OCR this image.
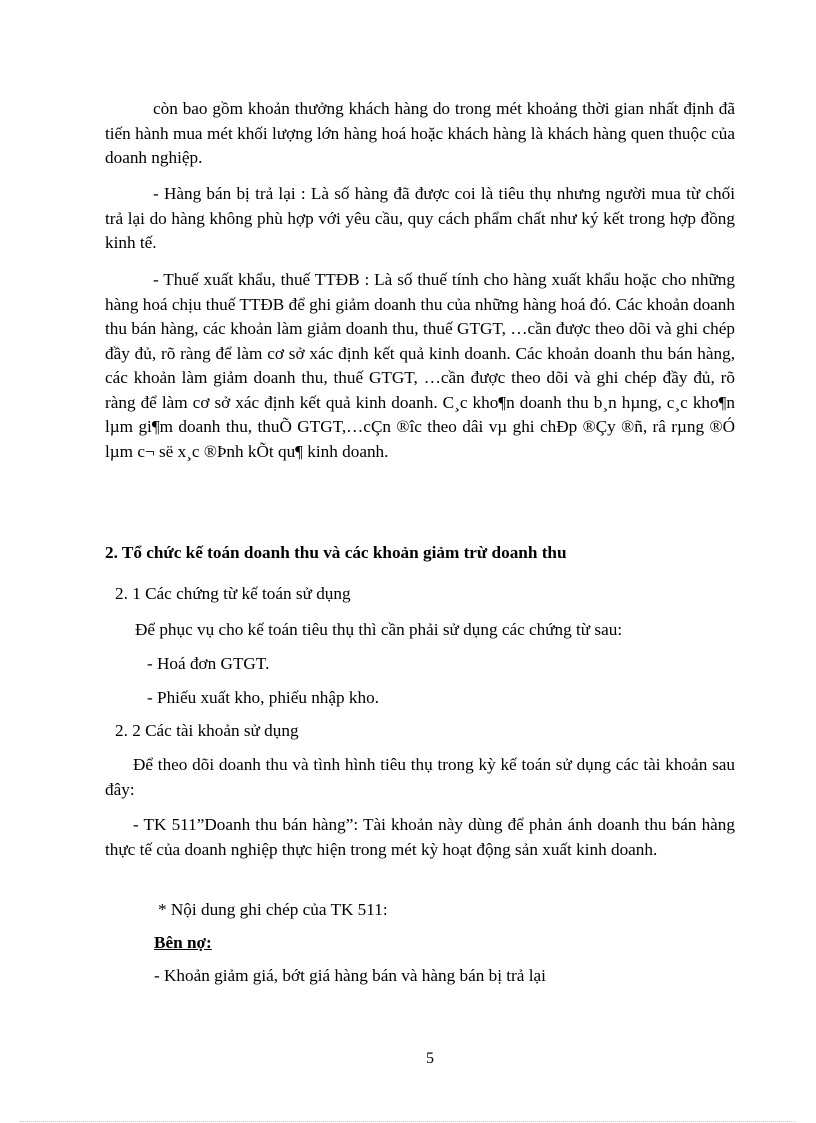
còn bao gồm khoản thưởng khách hàng do trong mét khoảng thời gian nhất định đã tiến hành mua mét khối lượng lớn hàng hoá hoặc khách hàng là khách hàng quen thuộc của doanh nghiệp.

- Hàng bán bị trả lại : Là số hàng đã được coi là tiêu thụ nhưng người mua từ chối trả lại do hàng không phù hợp với yêu cầu, quy cách phẩm chất như ký kết trong hợp đồng kinh tế.

- Thuế xuất khẩu, thuế TTĐB : Là số thuế tính cho hàng xuất khẩu hoặc cho những hàng hoá chịu thuế TTĐB để ghi giảm doanh thu của những hàng hoá đó. Các khoản doanh thu bán hàng, các khoản làm giảm doanh thu, thuế GTGT, …cần được theo dõi và ghi chép đầy đủ, rõ ràng để làm cơ sở xác định kết quả kinh doanh. Các khoản doanh thu bán hàng, các khoản làm giảm doanh thu, thuế GTGT, …cần được theo dõi và ghi chép đầy đủ, rõ ràng để làm cơ sở xác định kết quả kinh doanh. C¸c kho¶n doanh thu b¸n hµng, c¸c kho¶n lµm gi¶m doanh thu, thuÕ GTGT,…cÇn ®îc theo dâi vµ ghi chÐp ®Çy ®ñ, râ rµng ®Ó lµm c¬ së x¸c ®Þnh kÕt qu¶ kinh doanh.

2. Tổ chức kế toán doanh thu và các khoản giảm trừ doanh thu

2. 1 Các chứng từ kế toán sử dụng

Để phục vụ cho kế toán tiêu thụ thì cần phải sử dụng các chứng từ sau:

- Hoá đơn GTGT.

- Phiếu xuất kho, phiếu nhập kho.

2. 2 Các tài khoản sử dụng

Để theo dõi doanh thu và tình hình tiêu thụ trong kỳ kế toán sử dụng các tài khoản sau đây:

- TK 511”Doanh thu bán hàng”: Tài khoản này dùng để phản ánh doanh thu bán hàng thực tế của doanh nghiệp thực hiện trong mét kỳ hoạt động sản xuất kinh doanh.

* Nội dung ghi chép của TK 511:

Bên nợ:

- Khoản giảm giá, bớt giá hàng bán và hàng bán bị trả lại

5
